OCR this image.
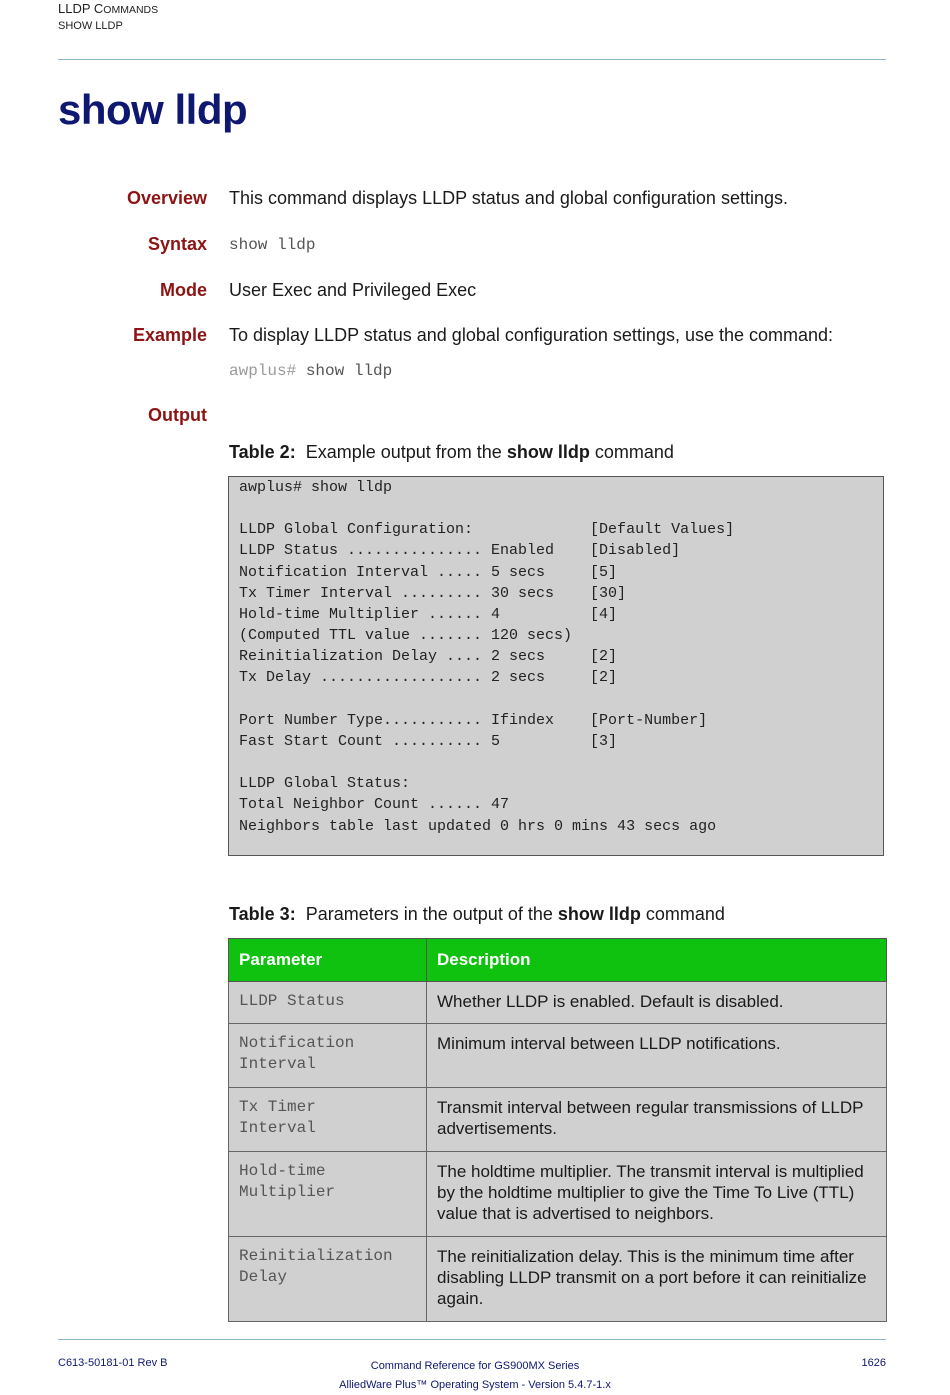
LLDP COMMANDS
SHOW LLDP
show lldp
Overview This command displays LLDP status and global configuration settings.
Syntax show lldp
Mode User Exec and Privileged Exec
Example To display LLDP status and global configuration settings, use the command:
awplus# show lldp
Output
Table 2: Example output from the show lldp command
awplus# show lldp

LLDP Global Configuration:             [Default Values]
LLDP Status ............... Enabled    [Disabled]
Notification Interval ..... 5 secs     [5]
Tx Timer Interval ......... 30 secs    [30]
Hold-time Multiplier ...... 4          [4]
(Computed TTL value ....... 120 secs)
Reinitialization Delay .... 2 secs     [2]
Tx Delay .................. 2 secs     [2]

Port Number Type........... Ifindex    [Port-Number]
Fast Start Count .......... 5          [3]

LLDP Global Status:
Total Neighbor Count ...... 47
Neighbors table last updated 0 hrs 0 mins 43 secs ago
Table 3: Parameters in the output of the show lldp command
Parameter	Description
LLDP Status	Whether LLDP is enabled. Default is disabled.
Notification
Interval	Minimum interval between LLDP notifications.
Tx Timer
Interval	Transmit interval between regular transmissions of LLDP advertisements.
Hold-time
Multiplier	The holdtime multiplier. The transmit interval is multiplied by the holdtime multiplier to give the Time To Live (TTL) value that is advertised to neighbors.
Reinitialization
Delay	The reinitialization delay. This is the minimum time after disabling LLDP transmit on a port before it can reinitialize again.
C613-50181-01 Rev B	Command Reference for GS900MX Series
AlliedWare Plus™ Operating System - Version 5.4.7-1.x
1626
